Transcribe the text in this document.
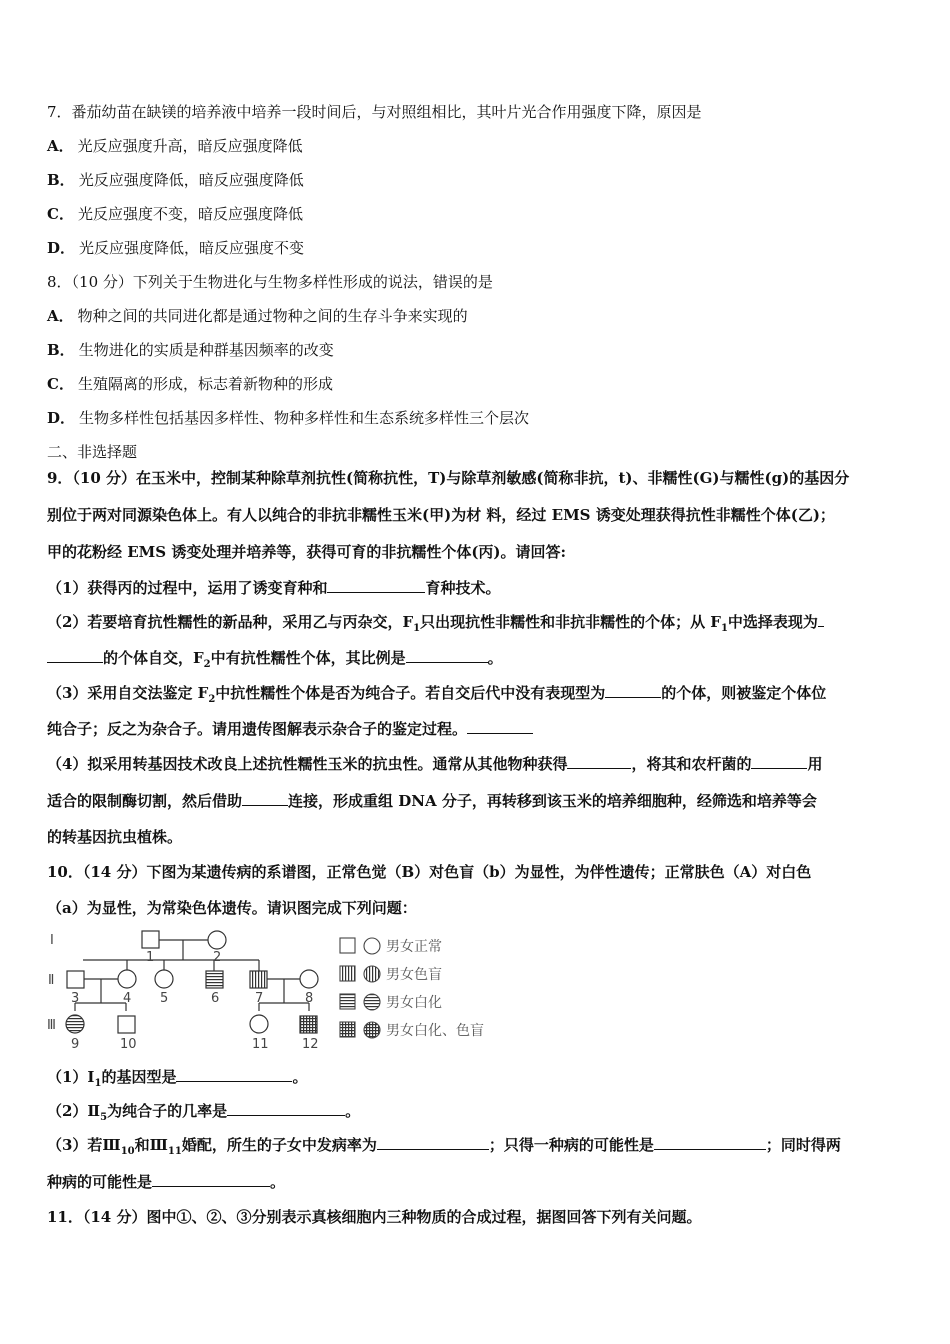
7．番茄幼苗在缺镁的培养液中培养一段时间后，与对照组相比，其叶片光合作用强度下降，原因是
A． 光反应强度升高，暗反应强度降低
B． 光反应强度降低，暗反应强度降低
C． 光反应强度不变，暗反应强度降低
D． 光反应强度降低，暗反应强度不变
8．（10 分）下列关于生物进化与生物多样性形成的说法，错误的是
A． 物种之间的共同进化都是通过物种之间的生存斗争来实现的
B． 生物进化的实质是种群基因频率的改变
C． 生殖隔离的形成，标志着新物种的形成
D． 生物多样性包括基因多样性、物种多样性和生态系统多样性三个层次
二、非选择题
9．（10 分）在玉米中，控制某种除草剂抗性(简称抗性，T)与除草剂敏感(简称非抗，t)、非糯性(G)与糯性(g)的基因分
别位于两对同源染色体上。有人以纯合的非抗非糯性玉米(甲)为材 料，经过 EMS 诱变处理获得抗性非糯性个体(乙)；
甲的花粉经 EMS 诱变处理并培养等，获得可育的非抗糯性个体(丙)。请回答:
（1）获得丙的过程中，运用了诱变育种和	育种技术。
（2）若要培育抗性糯性的新品种，采用乙与丙杂交，$F_1$只出现抗性非糯性和非抗非糯性的个体；从 $F_1$中选择表现为
的个体自交，$F_2$中有抗性糯性个体，其比例是	。
（3）采用自交法鉴定 $F_2$中抗性糯性个体是否为纯合子。若自交后代中没有表现型为	的个体，则被鉴定个体位
纯合子；反之为杂合子。请用遗传图解表示杂合子的鉴定过程。
（4）拟采用转基因技术改良上述抗性糯性玉米的抗虫性。通常从其他物种获得	，将其和农杆菌的	用
适合的限制酶切割，然后借助	连接，形成重组 DNA 分子，再转移到该玉米的培养细胞种，经筛选和培养等会
的转基因抗虫植株。
10．（14 分）下图为某遗传病的系谱图，正常色觉（B）对色盲（b）为显性，为伴性遗传；正常肤色（A）对白色
（a）为显性，为常染色体遗传。请识图完成下列问题：
Ⅰ
Ⅱ
Ⅲ
1	2
3	4 5	6	7	8
9	10	11	12
男女正常
男女色盲
男女白化
男女白化、色盲
$(1)Ⅰ_1$的基因型是	。
$(2)Ⅱ_5$为纯合子的几率是	。
（3）若$Ⅲ_{10}$和$Ⅲ_{11}$婚配，所生的子女中发病率为	；只得一种病的可能性是	；同时得两
种病的可能性是	。
11．（14 分）图中①、②、③分别表示真核细胞内三种物质的合成过程，据图回答下列有关问题。
